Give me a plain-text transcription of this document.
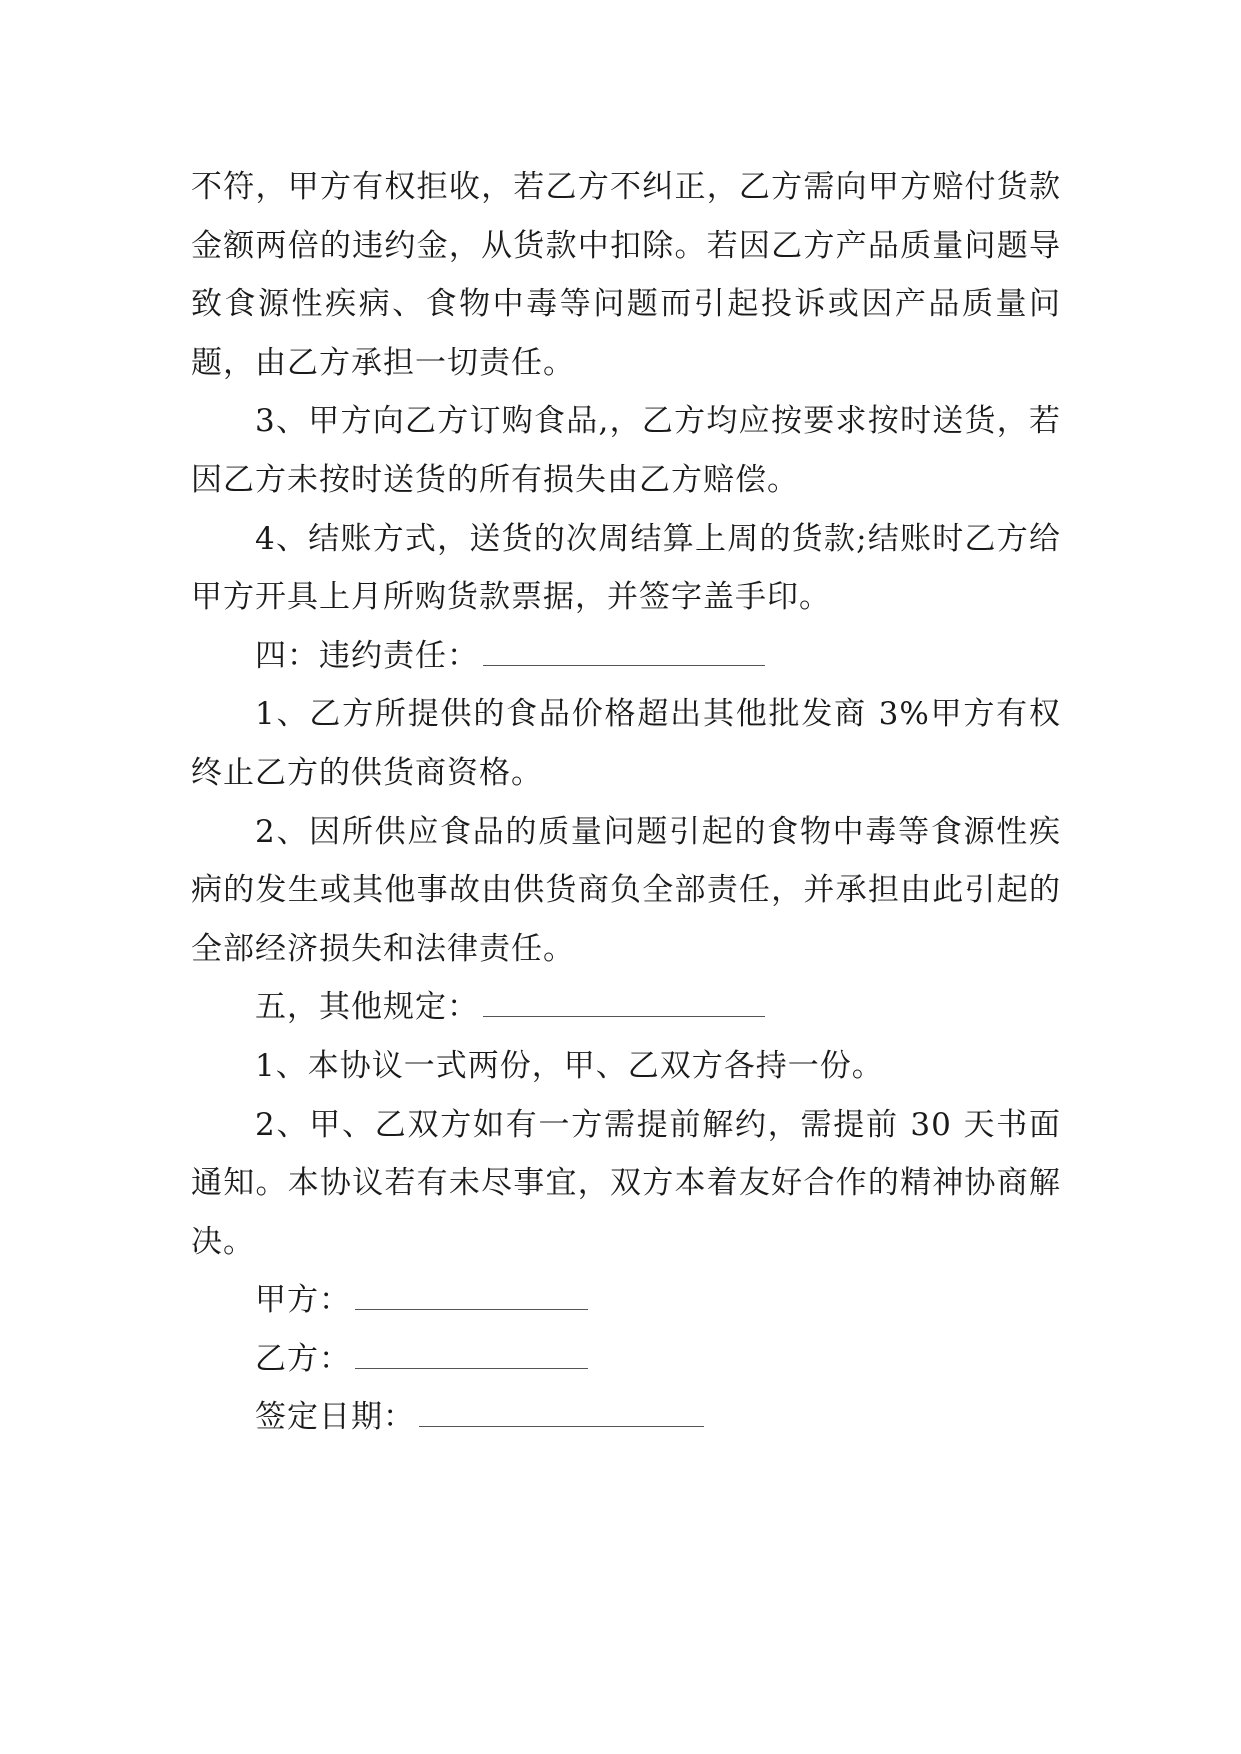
不符，甲方有权拒收，若乙方不纠正，乙方需向甲方赔付货款金额两倍的违约金，从货款中扣除。若因乙方产品质量问题导致食源性疾病、食物中毒等问题而引起投诉或因产品质量问题，由乙方承担一切责任。

3、甲方向乙方订购食品,，乙方均应按要求按时送货，若因乙方未按时送货的所有损失由乙方赔偿。

4、结账方式，送货的次周结算上周的货款;结账时乙方给甲方开具上月所购货款票据，并签字盖手印。

四：违约责任：

1、乙方所提供的食品价格超出其他批发商 3%甲方有权终止乙方的供货商资格。

2、因所供应食品的质量问题引起的食物中毒等食源性疾病的发生或其他事故由供货商负全部责任，并承担由此引起的全部经济损失和法律责任。

五，其他规定：

1、本协议一式两份，甲、乙双方各持一份。

2、甲、乙双方如有一方需提前解约，需提前 30 天书面通知。本协议若有未尽事宜，双方本着友好合作的精神协商解决。

甲方：

乙方：

签定日期：
